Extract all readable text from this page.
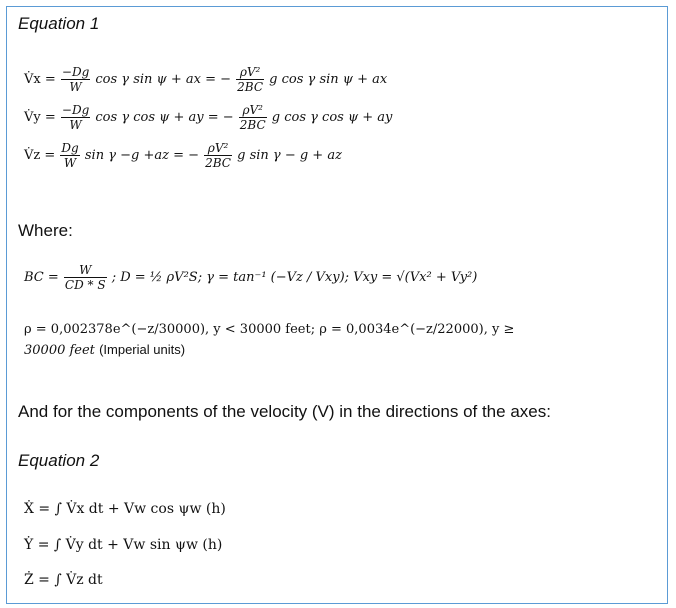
Equation 1
V̇x = $\frac{-Dg}{W}$ cos γ sin ψ + ax = − $\frac{\text{ρV²}}{2BC}$ g cos γ sin ψ + ax
V̇y = $\frac{-Dg}{W}$ cos γ cos ψ + ay = − $\frac{\text{ρV²}}{2BC}$ g cos γ cos ψ + ay
V̇z = $\frac{Dg}{W}$ sin γ −g +az = − $\frac{\text{ρV²}}{2BC}$ g sin γ − g + az
Where:
BC = $\frac{W}{CD * S}$ ; D = ½ ρV²S; γ = tan⁻¹ (−Vz / Vxy); Vxy = √(Vx² + Vy²)
ρ = 0,002378e^(−z/30000), y < 30000 feet; ρ = 0,0034e^(−z/22000), y ≥
30000 feet (Imperial units)
And for the components of the velocity (V) in the directions of the axes:
Equation 2
Ẋ = ∫ V̇x dt + Vw cos ψw (h)
Ẏ = ∫ V̇y dt + Vw sin ψw (h)
Ż = ∫ V̇z dt
